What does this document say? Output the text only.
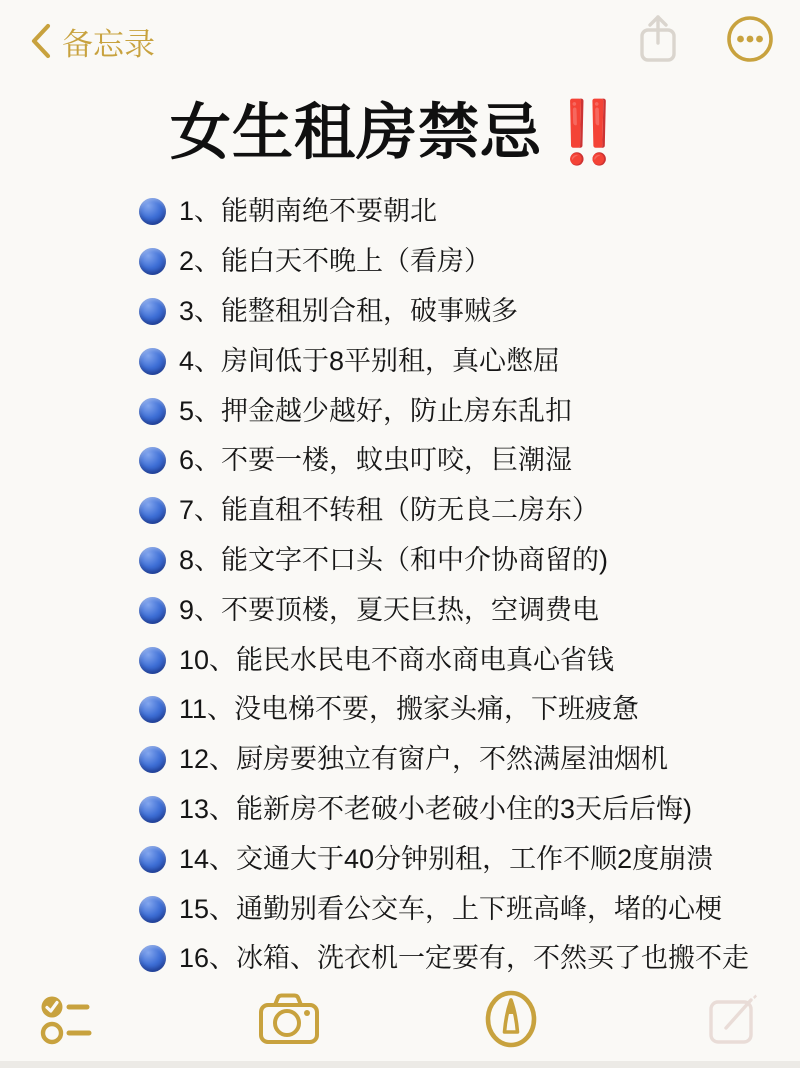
备忘录
女生租房禁忌 ‼️
1、能朝南绝不要朝北
2、能白天不晚上（看房）
3、能整租别合租，破事贼多
4、房间低于8平别租，真心憋屈
5、押金越少越好，防止房东乱扣
6、不要一楼，蚊虫叮咬，巨潮湿
7、能直租不转租（防无良二房东）
8、能文字不口头（和中介协商留的)
9、不要顶楼，夏天巨热，空调费电
10、能民水民电不商水商电真心省钱
11、没电梯不要，搬家头痛，下班疲惫
12、厨房要独立有窗户，不然满屋油烟机
13、能新房不老破小老破小住的3天后后悔)
14、交通大于40分钟别租，工作不顺2度崩溃
15、通勤别看公交车，上下班高峰，堵的心梗
16、冰箱、洗衣机一定要有，不然买了也搬不走
